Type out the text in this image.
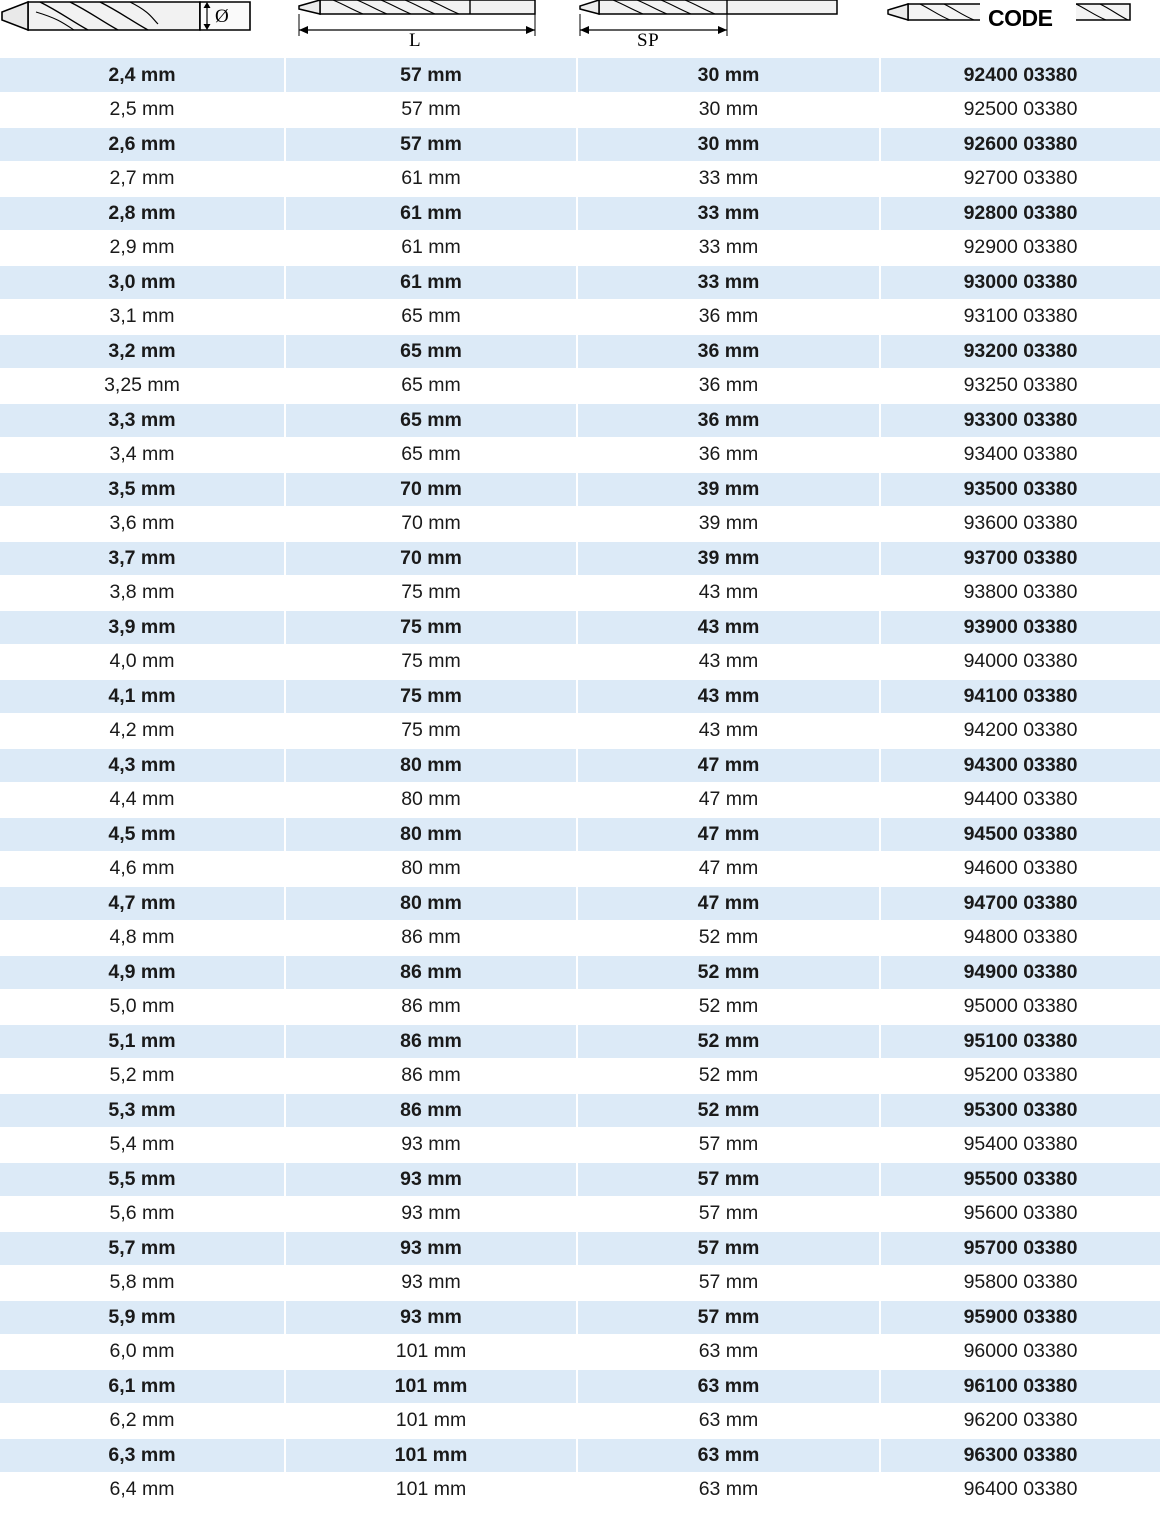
Ø
L	SP
CODE
2,4 mm	57 mm	30 mm	92400 03380
2,5 mm	57 mm	30 mm	92500 03380
2,6 mm	57 mm	30 mm	92600 03380
2,7 mm	61 mm	33 mm	92700 03380
2,8 mm	61 mm	33 mm	92800 03380
2,9 mm	61 mm	33 mm	92900 03380
3,0 mm	61 mm	33 mm	93000 03380
3,1 mm	65 mm	36 mm	93100 03380
3,2 mm	65 mm	36 mm	93200 03380
3,25 mm	65 mm	36 mm	93250 03380
3,3 mm	65 mm	36 mm	93300 03380
3,4 mm	65 mm	36 mm	93400 03380
3,5 mm	70 mm	39 mm	93500 03380
3,6 mm	70 mm	39 mm	93600 03380
3,7 mm	70 mm	39 mm	93700 03380
3,8 mm	75 mm	43 mm	93800 03380
3,9 mm	75 mm	43 mm	93900 03380
4,0 mm	75 mm	43 mm	94000 03380
4,1 mm	75 mm	43 mm	94100 03380
4,2 mm	75 mm	43 mm	94200 03380
4,3 mm	80 mm	47 mm	94300 03380
4,4 mm	80 mm	47 mm	94400 03380
4,5 mm	80 mm	47 mm	94500 03380
4,6 mm	80 mm	47 mm	94600 03380
4,7 mm	80 mm	47 mm	94700 03380
4,8 mm	86 mm	52 mm	94800 03380
4,9 mm	86 mm	52 mm	94900 03380
5,0 mm	86 mm	52 mm	95000 03380
5,1 mm	86 mm	52 mm	95100 03380
5,2 mm	86 mm	52 mm	95200 03380
5,3 mm	86 mm	52 mm	95300 03380
5,4 mm	93 mm	57 mm	95400 03380
5,5 mm	93 mm	57 mm	95500 03380
5,6 mm	93 mm	57 mm	95600 03380
5,7 mm	93 mm	57 mm	95700 03380
5,8 mm	93 mm	57 mm	95800 03380
5,9 mm	93 mm	57 mm	95900 03380
6,0 mm	101 mm	63 mm	96000 03380
6,1 mm	101 mm	63 mm	96100 03380
6,2 mm	101 mm	63 mm	96200 03380
6,3 mm	101 mm	63 mm	96300 03380
6,4 mm	101 mm	63 mm	96400 03380
